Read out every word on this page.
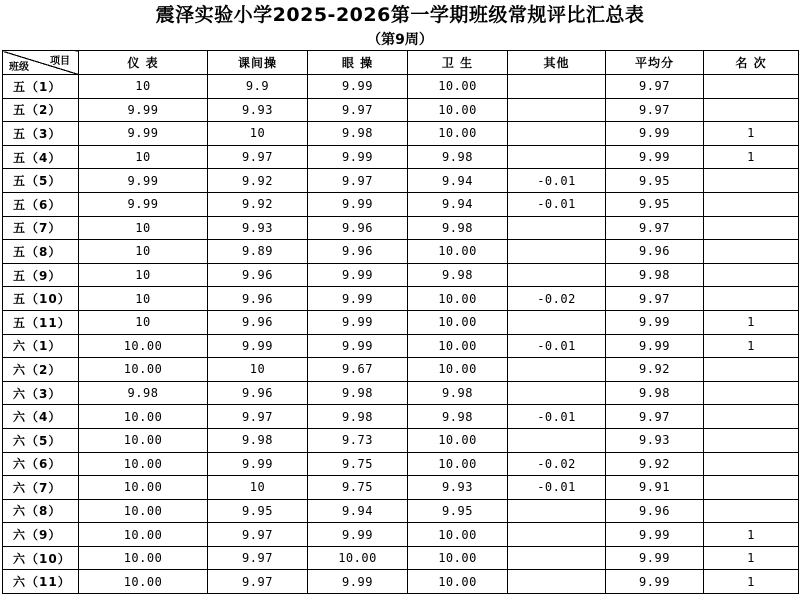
震泽实验小学2025-2026第一学期班级常规评比汇总表
（第9周）
项目
班级	仪 表	课间操	眼 操	卫 生	其他	平均分	名 次
五（1）	10	9.9	9.99	10.00		9.97	
五（2）	9.99	9.93	9.97	10.00		9.97	
五（3）	9.99	10	9.98	10.00		9.99	1
五（4）	10	9.97	9.99	9.98		9.99	1
五（5）	9.99	9.92	9.97	9.94	-0.01	9.95	
五（6）	9.99	9.92	9.99	9.94	-0.01	9.95	
五（7）	10	9.93	9.96	9.98		9.97	
五（8）	10	9.89	9.96	10.00		9.96	
五（9）	10	9.96	9.99	9.98		9.98	
五（10）	10	9.96	9.99	10.00	-0.02	9.97	
五（11）	10	9.96	9.99	10.00		9.99	1
六（1）	10.00	9.99	9.99	10.00	-0.01	9.99	1
六（2）	10.00	10	9.67	10.00		9.92	
六（3）	9.98	9.96	9.98	9.98		9.98	
六（4）	10.00	9.97	9.98	9.98	-0.01	9.97	
六（5）	10.00	9.98	9.73	10.00		9.93	
六（6）	10.00	9.99	9.75	10.00	-0.02	9.92	
六（7）	10.00	10	9.75	9.93	-0.01	9.91	
六（8）	10.00	9.95	9.94	9.95		9.96	
六（9）	10.00	9.97	9.99	10.00		9.99	1
六（10）	10.00	9.97	10.00	10.00		9.99	1
六（11）	10.00	9.97	9.99	10.00		9.99	1
